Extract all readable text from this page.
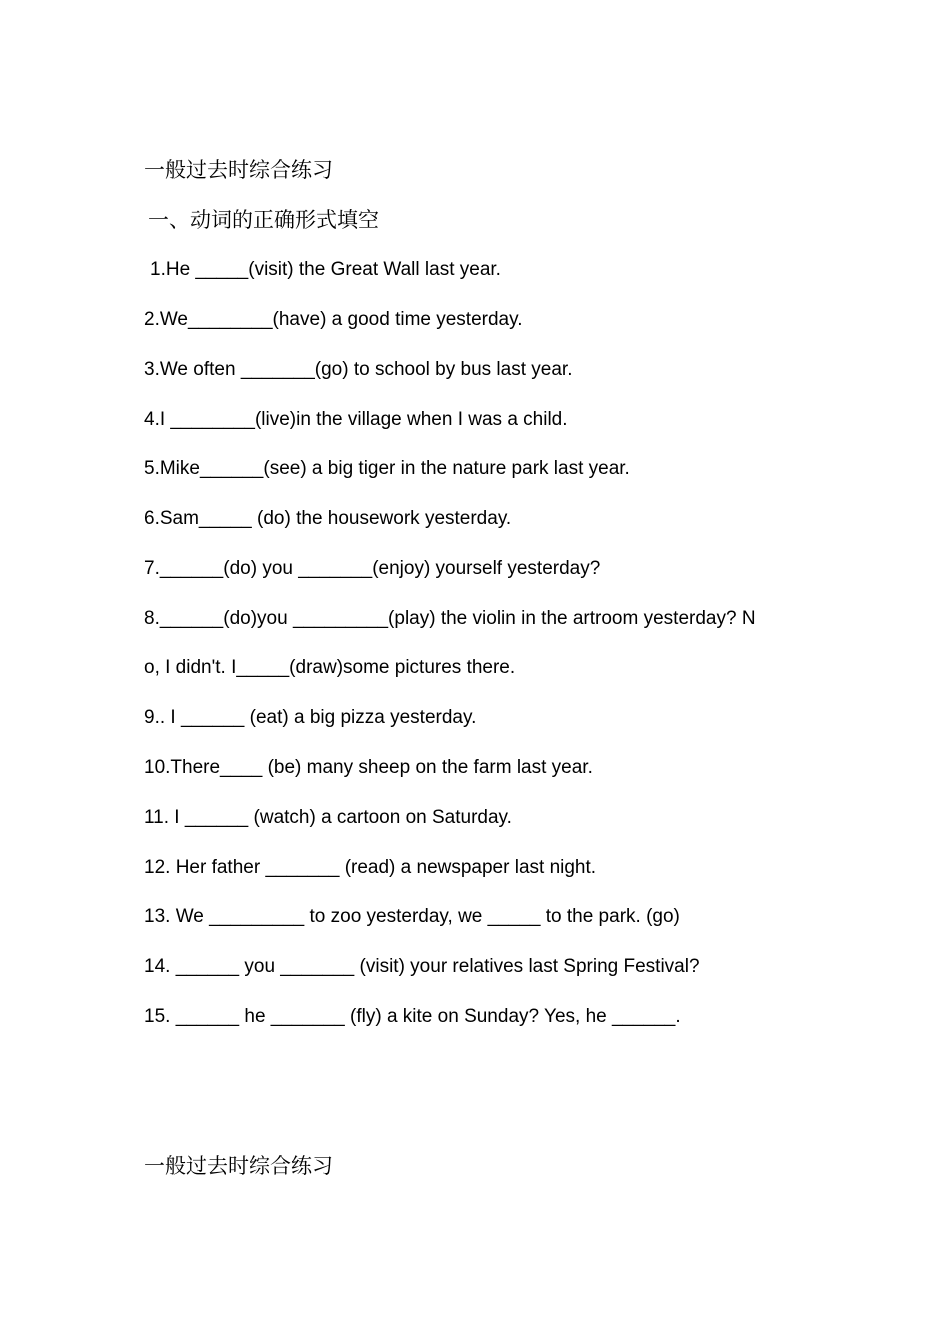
一般过去时综合练习
一、动词的正确形式填空
1.He _____(visit) the Great Wall last year.
2.We________(have) a good time yesterday.
3.We often _______(go) to school by bus last year.
4.I ________(live)in the village when I was a child.
5.Mike______(see) a big tiger in the nature park last year.
6.Sam_____ (do) the housework yesterday.
7.______(do) you _______(enjoy) yourself yesterday?
8.______(do)you _________(play) the violin in the artroom yesterday? N
o, I didn't. I_____(draw)some pictures there.
9.. I ______ (eat) a big pizza yesterday.
10.There____ (be) many sheep on the farm last year.
11. I ______ (watch) a cartoon on Saturday.
12. Her father _______ (read) a newspaper last night.
13. We _________ to zoo yesterday, we _____ to the park. (go)
14. ______ you _______ (visit) your relatives last Spring Festival?
15. ______ he _______ (fly) a kite on Sunday? Yes, he ______.
一般过去时综合练习
